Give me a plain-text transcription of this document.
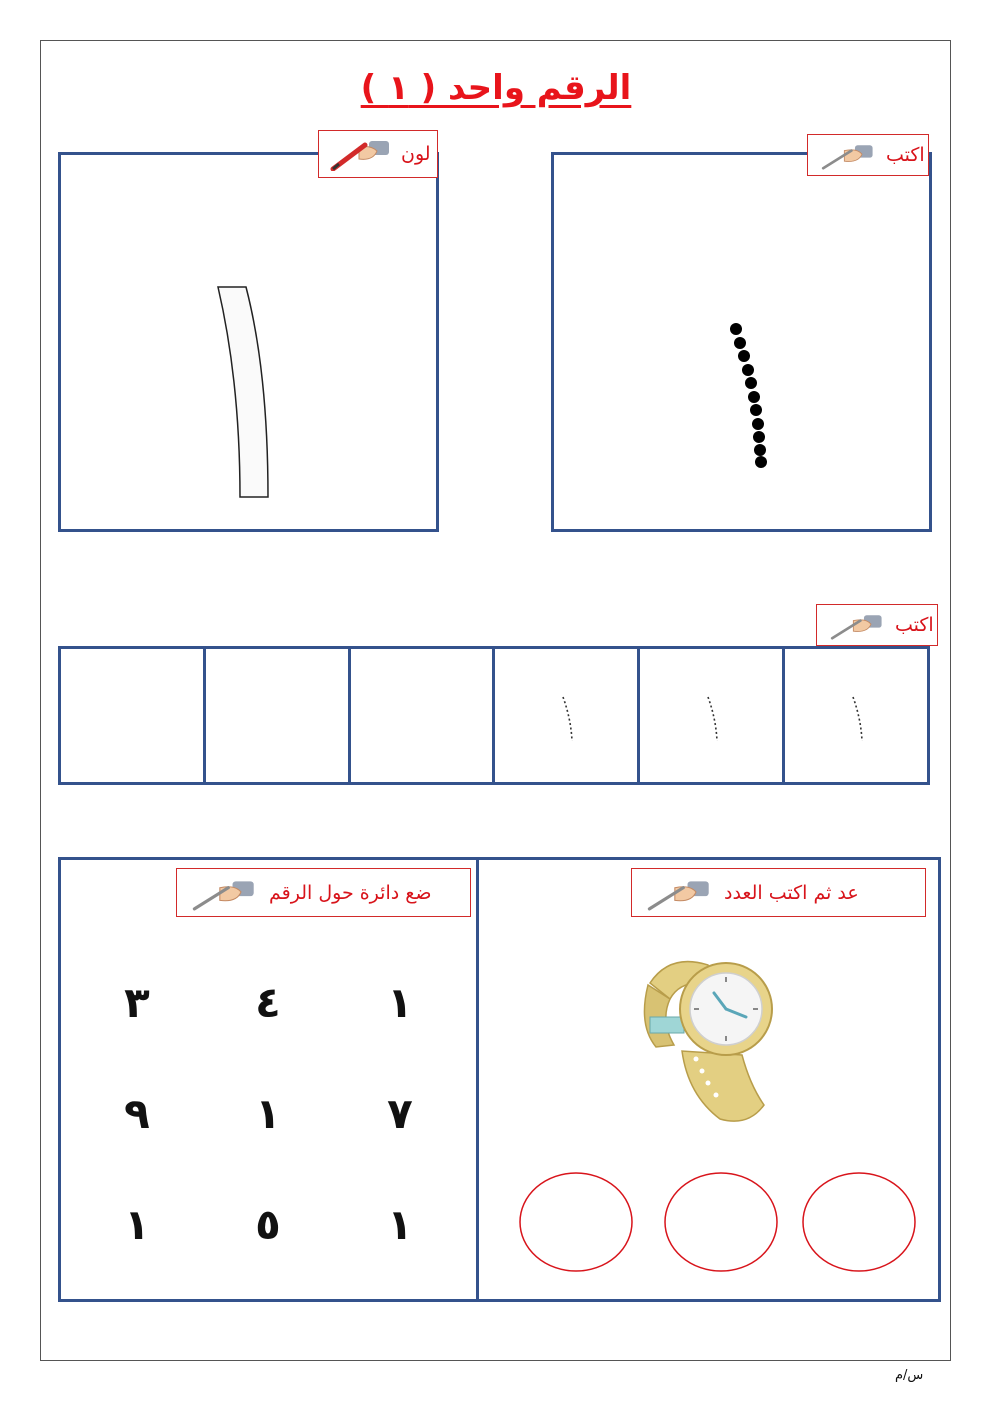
الرقم واحد ( ١ )
لون	اكتب
اكتب
ضع دائرة حول الرقم	عد ثم اكتب العدد
١
٤
٣
٧
١
٩
١
٥
١
س/م
